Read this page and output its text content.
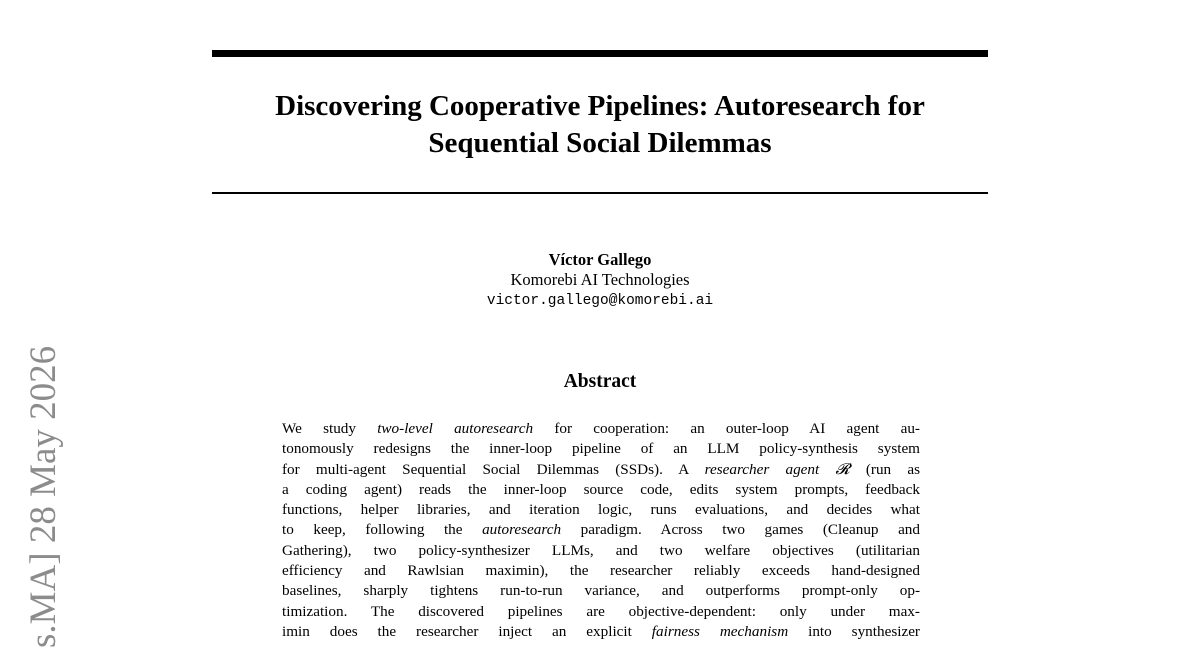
Discovering Cooperative Pipelines: Autoresearch for
Sequential Social Dilemmas
Víctor Gallego
Komorebi AI Technologies
victor.gallego@komorebi.ai
Abstract
We study two-level autoresearch for cooperation: an outer-loop AI agent au-
tonomously redesigns the inner-loop pipeline of an LLM policy-synthesis system
for multi-agent Sequential Social Dilemmas (SSDs). A researcher agent 𝓡 (run as
a coding agent) reads the inner-loop source code, edits system prompts, feedback
functions, helper libraries, and iteration logic, runs evaluations, and decides what
to keep, following the autoresearch paradigm. Across two games (Cleanup and
Gathering), two policy-synthesizer LLMs, and two welfare objectives (utilitarian
efficiency and Rawlsian maximin), the researcher reliably exceeds hand-designed
baselines, sharply tightens run-to-run variance, and outperforms prompt-only op-
timization. The discovered pipelines are objective-dependent: only under max-
imin does the researcher inject an explicit fairness mechanism into synthesizer
s.MA] 28 May 2026
